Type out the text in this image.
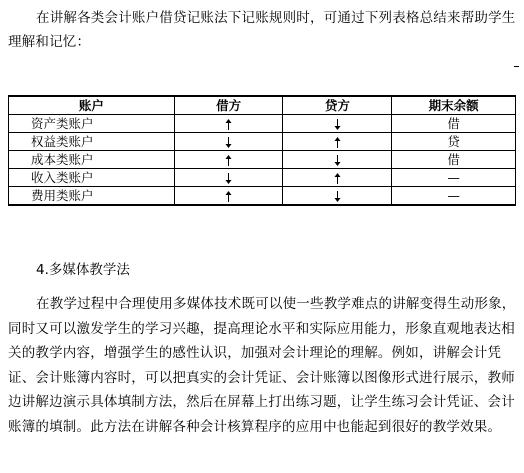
在讲解各类会计账户借贷记账法下记账规则时，可通过下列表格总结来帮助学生理解和记忆：

账户	借方	贷方	期末余额
资产类账户			借
权益类账户			贷
成本类账户			借
收入类账户			—
费用类账户			—

4.多媒体教学法

在教学过程中合理使用多媒体技术既可以使一些教学难点的讲解变得生动形象，同时又可以激发学生的学习兴趣，提高理论水平和实际应用能力，形象直观地表达相关的教学内容，增强学生的感性认识，加强对会计理论的理解。例如，讲解会计凭证、会计账簿内容时，可以把真实的会计凭证、会计账簿以图像形式进行展示，教师边讲解边演示具体填制方法，然后在屏幕上打出练习题，让学生练习会计凭证、会计账簿的填制。此方法在讲解各种会计核算程序的应用中也能起到很好的教学效果。
